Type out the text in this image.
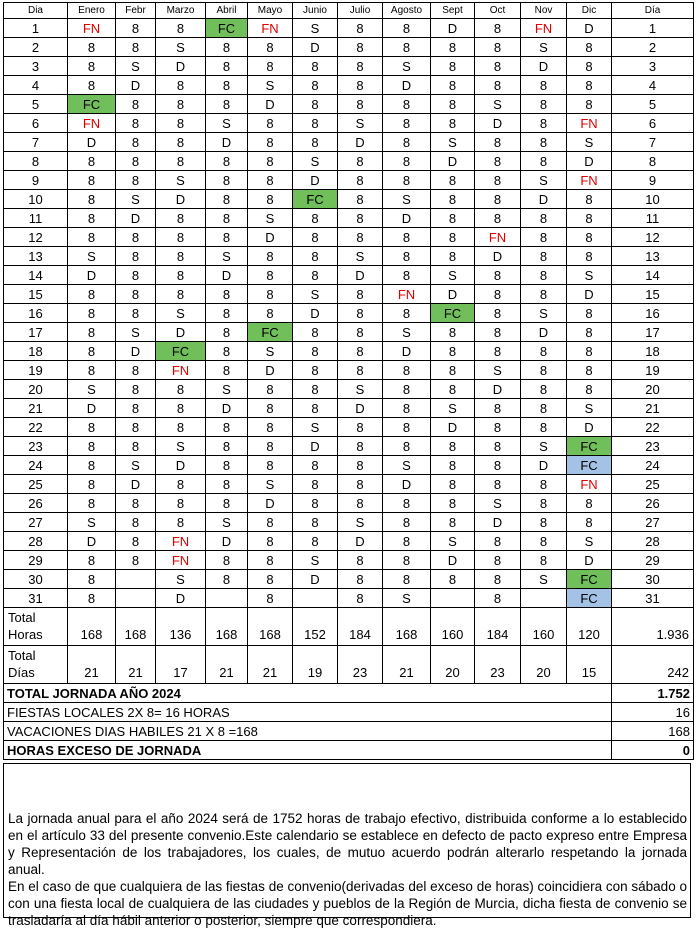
Dia	Enero	Febr	Marzo	Abril	Mayo	Junio	Julio	Agosto	Sept	Oct	Nov	Dic	Día
1	FN	8	8	FC	FN	S	8	8	D	8	FN	D	1
2	8	8	S	8	8	D	8	8	8	8	S	8	2
3	8	S	D	8	8	8	8	S	8	8	D	8	3
4	8	D	8	8	S	8	8	D	8	8	8	8	4
5	FC	8	8	8	D	8	8	8	8	S	8	8	5
6	FN	8	8	S	8	8	S	8	8	D	8	FN	6
7	D	8	8	D	8	8	D	8	S	8	8	S	7
8	8	8	8	8	8	S	8	8	D	8	8	D	8
9	8	8	S	8	8	D	8	8	8	8	S	FN	9
10	8	S	D	8	8	FC	8	S	8	8	D	8	10
11	8	D	8	8	S	8	8	D	8	8	8	8	11
12	8	8	8	8	D	8	8	8	8	FN	8	8	12
13	S	8	8	S	8	8	S	8	8	D	8	8	13
14	D	8	8	D	8	8	D	8	S	8	8	S	14
15	8	8	8	8	8	S	8	FN	D	8	8	D	15
16	8	8	S	8	8	D	8	8	FC	8	S	8	16
17	8	S	D	8	FC	8	8	S	8	8	D	8	17
18	8	D	FC	8	S	8	8	D	8	8	8	8	18
19	8	8	FN	8	D	8	8	8	8	S	8	8	19
20	S	8	8	S	8	8	S	8	8	D	8	8	20
21	D	8	8	D	8	8	D	8	S	8	8	S	21
22	8	8	8	8	8	S	8	8	D	8	8	D	22
23	8	8	S	8	8	D	8	8	8	8	S	FC	23
24	8	S	D	8	8	8	8	S	8	8	D	FC	24
25	8	D	8	8	S	8	8	D	8	8	8	FN	25
26	8	8	8	8	D	8	8	8	8	S	8	8	26
27	S	8	8	S	8	8	S	8	8	D	8	8	27
28	D	8	FN	D	8	8	D	8	S	8	8	S	28
29	8	8	FN	8	8	S	8	8	D	8	8	D	29
30	8		S	8	8	D	8	8	8	8	S	FC	30
31	8		D		8		8	S		8		FC	31
Total
Horas	168	168	136	168	168	152	184	168	160	184	160	120	1.936
Total
Días	21	21	17	21	21	19	23	21	20	23	20	15	242
TOTAL JORNADA AÑO 2024													1.752
FIESTAS LOCALES 2X 8= 16 HORAS													16
VACACIONES DIAS HABILES 21 X 8 =168													168
HORAS EXCESO DE JORNADA													0

La jornada anual para el año 2024 será de 1752 horas de trabajo efectivo, distribuida conforme a lo establecido en el artículo 33 del presente convenio.Este calendario se establece en defecto de pacto expreso entre Empresa y Representación de los trabajadores, los cuales, de mutuo acuerdo podrán alterarlo respetando la jornada anual.

En el caso de que cualquiera de las fiestas de convenio(derivadas del exceso de horas) coincidiera con sábado o con una fiesta local de cualquiera de las ciudades y pueblos de la Región de Murcia, dicha fiesta de convenio se trasladaría al día hábil anterior o posterior, siempre que correspondiera.
